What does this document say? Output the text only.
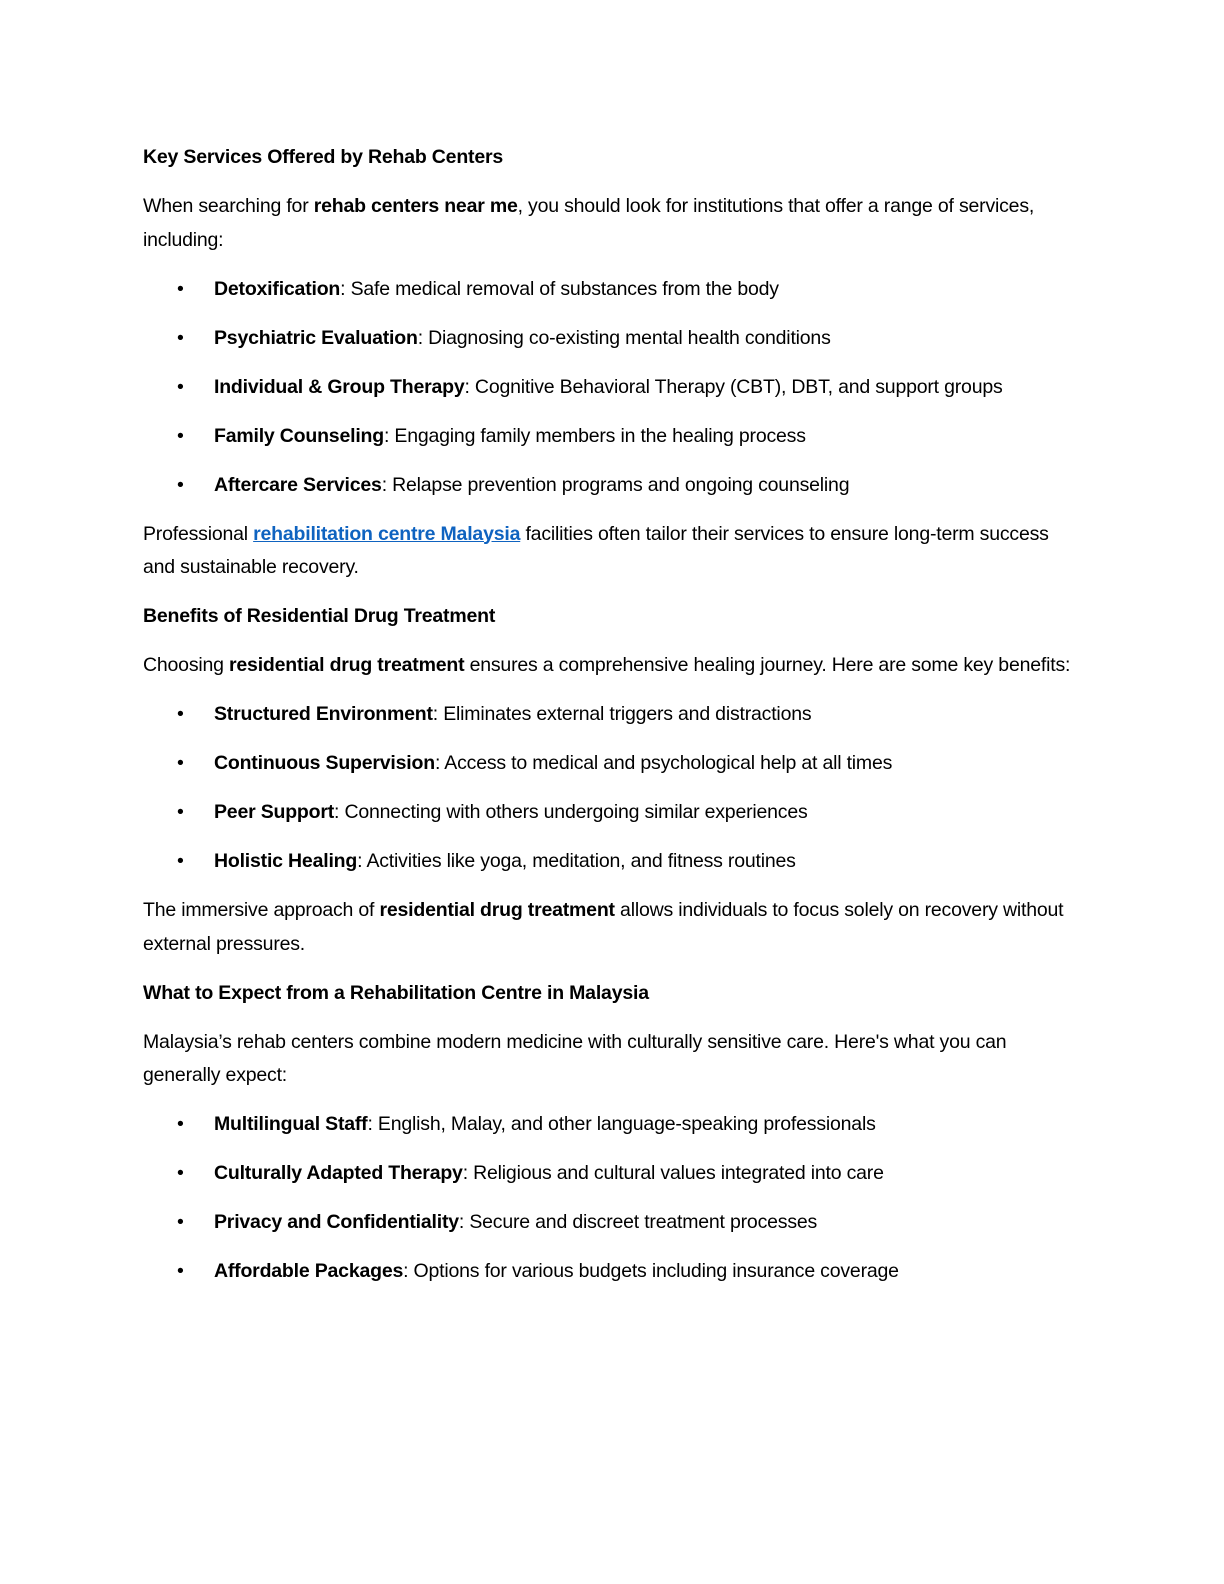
Key Services Offered by Rehab Centers

When searching for rehab centers near me, you should look for institutions that offer a range of services, including:

• Detoxification: Safe medical removal of substances from the body
• Psychiatric Evaluation: Diagnosing co-existing mental health conditions
• Individual & Group Therapy: Cognitive Behavioral Therapy (CBT), DBT, and support groups
• Family Counseling: Engaging family members in the healing process
• Aftercare Services: Relapse prevention programs and ongoing counseling

Professional rehabilitation centre Malaysia facilities often tailor their services to ensure long-term success and sustainable recovery.

Benefits of Residential Drug Treatment

Choosing residential drug treatment ensures a comprehensive healing journey. Here are some key benefits:

• Structured Environment: Eliminates external triggers and distractions
• Continuous Supervision: Access to medical and psychological help at all times
• Peer Support: Connecting with others undergoing similar experiences
• Holistic Healing: Activities like yoga, meditation, and fitness routines

The immersive approach of residential drug treatment allows individuals to focus solely on recovery without external pressures.

What to Expect from a Rehabilitation Centre in Malaysia

Malaysia’s rehab centers combine modern medicine with culturally sensitive care. Here's what you can generally expect:

• Multilingual Staff: English, Malay, and other language-speaking professionals
• Culturally Adapted Therapy: Religious and cultural values integrated into care
• Privacy and Confidentiality: Secure and discreet treatment processes
• Affordable Packages: Options for various budgets including insurance coverage
